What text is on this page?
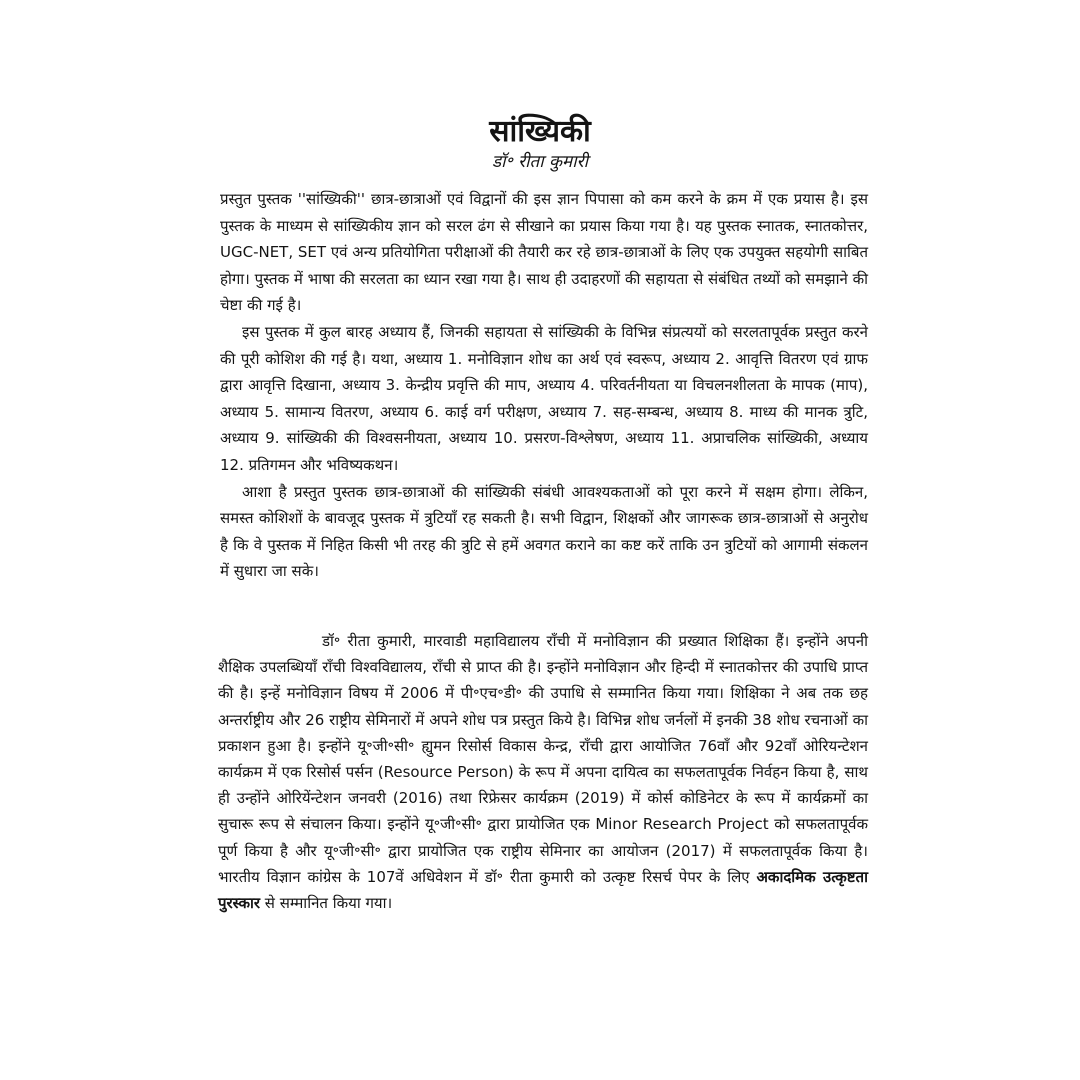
सांख्यिकी
डॉ॰ रीता कुमारी

प्रस्तुत पुस्तक ''सांख्यिकी'' छात्र-छात्राओं एवं विद्वानों की इस ज्ञान पिपासा को कम करने के क्रम में एक प्रयास है। इस पुस्तक के माध्यम से सांख्यिकीय ज्ञान को सरल ढंग से सीखाने का प्रयास किया गया है। यह पुस्तक स्नातक, स्नातकोत्तर, UGC-NET, SET एवं अन्य प्रतियोगिता परीक्षाओं की तैयारी कर रहे छात्र-छात्राओं के लिए एक उपयुक्त सहयोगी साबित होगा। पुस्तक में भाषा की सरलता का ध्यान रखा गया है। साथ ही उदाहरणों की सहायता से संबंधित तथ्यों को समझाने की चेष्टा की गई है।

इस पुस्तक में कुल बारह अध्याय हैं, जिनकी सहायता से सांख्यिकी के विभिन्न संप्रत्ययों को सरलतापूर्वक प्रस्तुत करने की पूरी कोशिश की गई है। यथा, अध्याय 1. मनोविज्ञान शोध का अर्थ एवं स्वरूप, अध्याय 2. आवृत्ति वितरण एवं ग्राफ द्वारा आवृत्ति दिखाना, अध्याय 3. केन्द्रीय प्रवृत्ति की माप, अध्याय 4. परिवर्तनीयता या विचलनशीलता के मापक (माप), अध्याय 5. सामान्य वितरण, अध्याय 6. काई वर्ग परीक्षण, अध्याय 7. सह-सम्बन्ध, अध्याय 8. माध्य की मानक त्रुटि, अध्याय 9. सांख्यिकी की विश्वसनीयता, अध्याय 10. प्रसरण-विश्लेषण, अध्याय 11. अप्राचलिक सांख्यिकी, अध्याय 12. प्रतिगमन और भविष्यकथन।

आशा है प्रस्तुत पुस्तक छात्र-छात्राओं की सांख्यिकी संबंधी आवश्यकताओं को पूरा करने में सक्षम होगा। लेकिन, समस्त कोशिशों के बावजूद पुस्तक में त्रुटियाँ रह सकती है। सभी विद्वान, शिक्षकों और जागरूक छात्र-छात्राओं से अनुरोध है कि वे पुस्तक में निहित किसी भी तरह की त्रुटि से हमें अवगत कराने का कष्ट करें ताकि उन त्रुटियों को आगामी संकलन में सुधारा जा सके।

डॉ॰ रीता कुमारी, मारवाडी महाविद्यालय राँची में मनोविज्ञान की प्रख्यात शिक्षिका हैं। इन्होंने अपनी शैक्षिक उपलब्धियाँ राँची विश्वविद्यालय, राँची से प्राप्त की है। इन्होंने मनोविज्ञान और हिन्दी में स्नातकोत्तर की उपाधि प्राप्त की है। इन्हें मनोविज्ञान विषय में 2006 में पी॰एच॰डी॰ की उपाधि से सम्मानित किया गया। शिक्षिका ने अब तक छह अन्तर्राष्ट्रीय और 26 राष्ट्रीय सेमिनारों में अपने शोध पत्र प्रस्तुत किये है। विभिन्न शोध जर्नलों में इनकी 38 शोध रचनाओं का प्रकाशन हुआ है। इन्होंने यू॰जी॰सी॰ ह्युमन रिसोर्स विकास केन्द्र, राँची द्वारा आयोजित 76वाँ और 92वाँ ओरियन्टेशन कार्यक्रम में एक रिसोर्स पर्सन (Resource Person) के रूप में अपना दायित्व का सफलतापूर्वक निर्वहन किया है, साथ ही उन्होंने ओरियेंन्टेशन जनवरी (2016) तथा रिफ्रेसर कार्यक्रम (2019) में कोर्स कोडिनेटर के रूप में कार्यक्रमों का सुचारू रूप से संचालन किया। इन्होंने यू॰जी॰सी॰ द्वारा प्रायोजित एक Minor Research Project को सफलतापूर्वक पूर्ण किया है और यू॰जी॰सी॰ द्वारा प्रायोजित एक राष्ट्रीय सेमिनार का आयोजन (2017) में सफलतापूर्वक किया है। भारतीय विज्ञान कांग्रेस के 107वें अधिवेशन में डॉ॰ रीता कुमारी को उत्कृष्ट रिसर्च पेपर के लिए अकादमिक उत्कृष्टता पुरस्कार से सम्मानित किया गया।
